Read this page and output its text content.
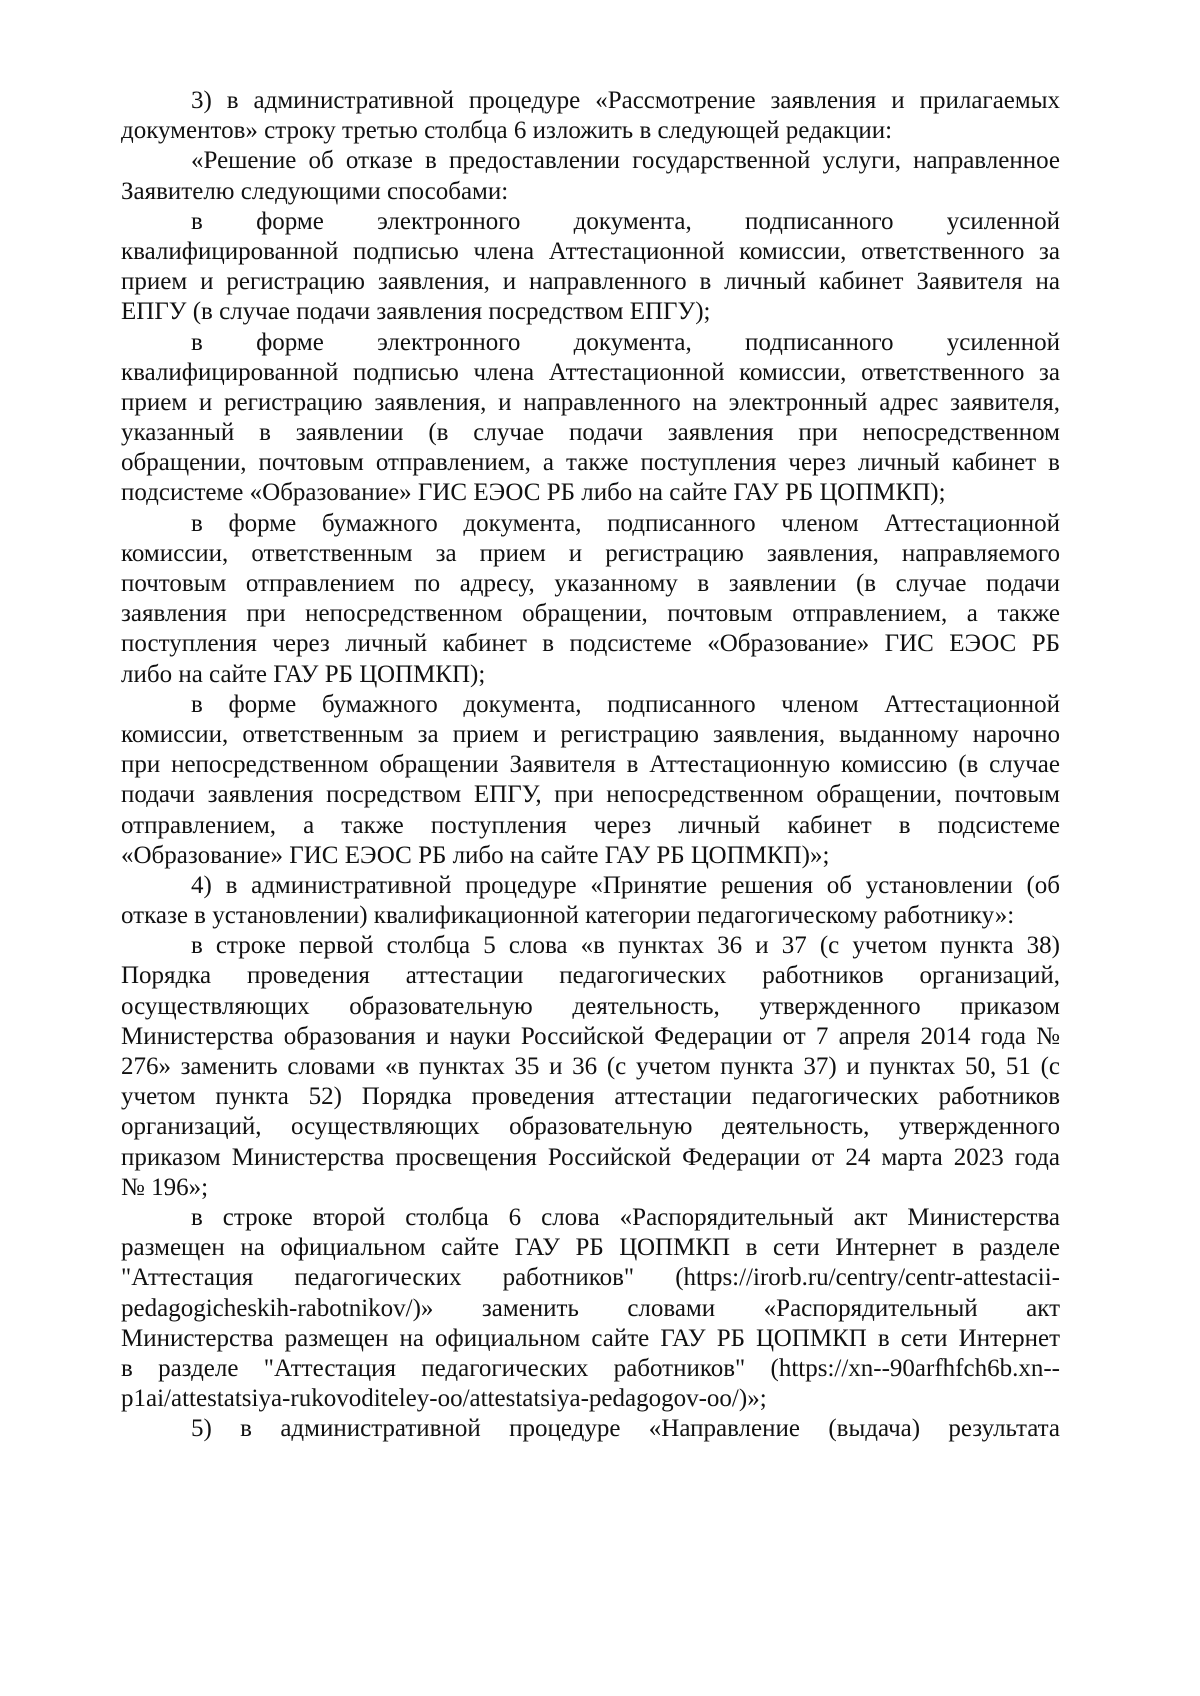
3) в административной процедуре «Рассмотрение заявления и прилагаемых
документов» строку третью столбца 6 изложить в следующей редакции:
«Решение об отказе в предоставлении государственной услуги, направленное
Заявителю следующими способами:
в форме электронного документа, подписанного усиленной
квалифицированной подписью члена Аттестационной комиссии, ответственного за
прием и регистрацию заявления, и направленного в личный кабинет Заявителя на
ЕПГУ (в случае подачи заявления посредством ЕПГУ);
в форме электронного документа, подписанного усиленной
квалифицированной подписью члена Аттестационной комиссии, ответственного за
прием и регистрацию заявления, и направленного на электронный адрес заявителя,
указанный в заявлении (в случае подачи заявления при непосредственном
обращении, почтовым отправлением, а также поступления через личный кабинет в
подсистеме «Образование» ГИС ЕЭОС РБ либо на сайте ГАУ РБ ЦОПМКП);
в форме бумажного документа, подписанного членом Аттестационной
комиссии, ответственным за прием и регистрацию заявления, направляемого
почтовым отправлением по адресу, указанному в заявлении (в случае подачи
заявления при непосредственном обращении, почтовым отправлением, а также
поступления через личный кабинет в подсистеме «Образование» ГИС ЕЭОС РБ
либо на сайте ГАУ РБ ЦОПМКП);
в форме бумажного документа, подписанного членом Аттестационной
комиссии, ответственным за прием и регистрацию заявления, выданному нарочно
при непосредственном обращении Заявителя в Аттестационную комиссию (в случае
подачи заявления посредством ЕПГУ, при непосредственном обращении, почтовым
отправлением, а также поступления через личный кабинет в подсистеме
«Образование» ГИС ЕЭОС РБ либо на сайте ГАУ РБ ЦОПМКП)»;
4) в административной процедуре «Принятие решения об установлении (об
отказе в установлении) квалификационной категории педагогическому работнику»:
в строке первой столбца 5 слова «в пунктах 36 и 37 (с учетом пункта 38)
Порядка проведения аттестации педагогических работников организаций,
осуществляющих образовательную деятельность, утвержденного приказом
Министерства образования и науки Российской Федерации от 7 апреля 2014 года №
276» заменить словами «в пунктах 35 и 36 (с учетом пункта 37) и пунктах 50, 51 (с
учетом пункта 52) Порядка проведения аттестации педагогических работников
организаций, осуществляющих образовательную деятельность, утвержденного
приказом Министерства просвещения Российской Федерации от 24 марта 2023 года
№ 196»;
в строке второй столбца 6 слова «Распорядительный акт Министерства
размещен на официальном сайте ГАУ РБ ЦОПМКП в сети Интернет в разделе
"Аттестация педагогических работников" (https://irorb.ru/centry/centr-attestacii-
pedagogicheskih-rabotnikov/)» заменить словами «Распорядительный акт
Министерства размещен на официальном сайте ГАУ РБ ЦОПМКП в сети Интернет
в разделе "Аттестация педагогических работников" (https://xn--90arfhfch6b.xn--
p1ai/attestatsiya-rukovoditeley-oo/attestatsiya-pedagogov-oo/)»;
5) в административной процедуре «Направление (выдача) результата
